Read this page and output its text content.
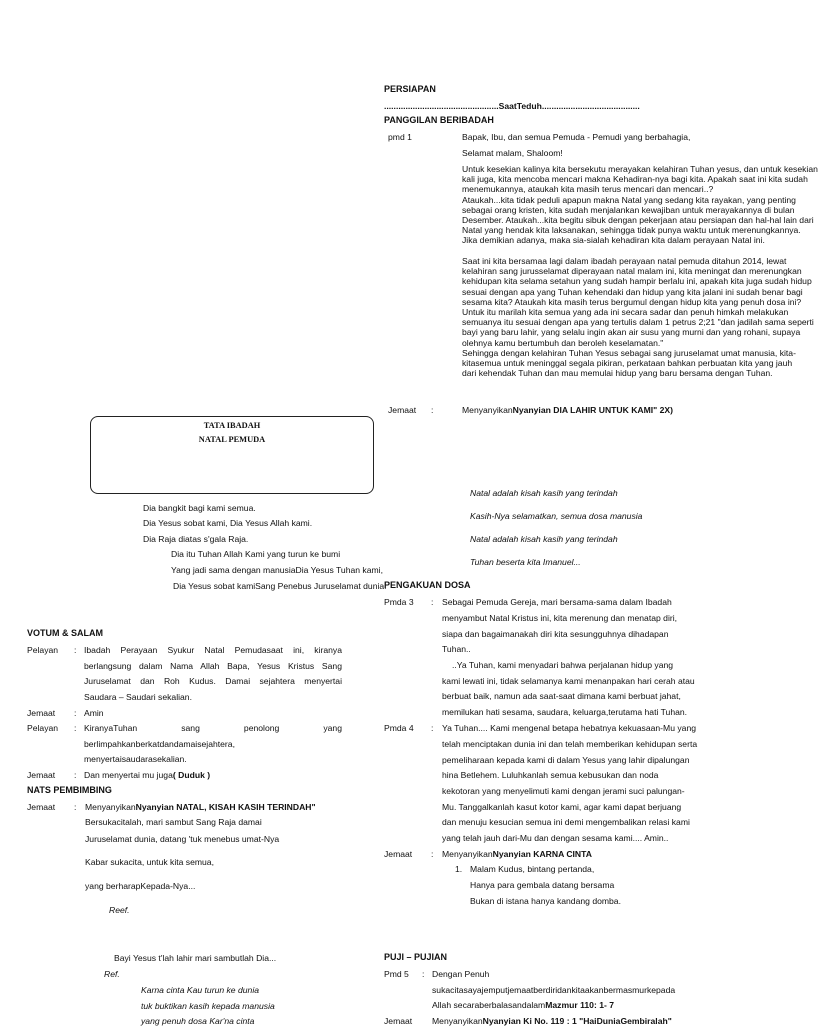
PERSIAPAN
................................................SaatTeduh.........................................
PANGGILAN BERIBADAH
pmd 1	Bapak, Ibu, dan semua Pemuda - Pemudi yang berbahagia,
Selamat malam, Shaloom!
Untuk kesekian kalinya kita bersekutu merayakan kelahiran Tuhan yesus, dan untuk kesekian
kali juga, kita mencoba mencari makna Kehadiran-nya bagi kita. Apakah saat ini kita sudah
menemukannya, ataukah kita masih terus mencari dan mencari..?
Ataukah...kita tidak peduli apapun makna Natal yang sedang kita rayakan, yang penting
sebagai orang kristen, kita sudah menjalankan kewajiban untuk merayakannya di bulan
Desember. Ataukah...kita begitu sibuk dengan pekerjaan atau persiapan dan hal-hal lain dari
Natal yang hendak kita laksanakan, sehingga tidak punya waktu untuk merenungkannya.
Jika demikian adanya, maka sia-sialah kehadiran kita dalam perayaan Natal ini.
Saat ini kita bersamaa lagi dalam ibadah perayaan natal pemuda ditahun 2014, lewat
kelahiran sang jurusselamat diperayaan natal malam ini, kita meningat dan merenungkan
kehidupan kita selama setahun yang sudah hampir berlalu ini, apakah kita juga sudah hidup
sesuai dengan apa yang Tuhan kehendaki dan hidup yang kita jalani ini sudah benar bagi
sesama kita? Ataukah kita masih terus bergumul dengan hidup kita yang penuh dosa ini?
Untuk itu marilah kita semua yang ada ini secara sadar dan penuh himkah melakukan
semuanya itu sesuai dengan apa yang tertulis dalam 1 petrus 2;21 "dan jadilah sama seperti
bayi yang baru lahir, yang selalu ingin akan air susu yang murni dan yang rohani, supaya
olehnya kamu bertumbuh dan beroleh keselamatan."
Sehingga dengan kelahiran Tuhan Yesus sebagai sang juruselamat umat manusia, kita-
kitasemua untuk meninggal segala pikiran, perkataan bahkan perbuatan kita yang jauh
dari kehendak Tuhan dan mau memulai hidup yang baru bersama dengan Tuhan.
Jemaat :	MenyanyikanNyanyian DIA LAHIR UNTUK KAMI" 2X)
Natal adalah kisah kasih yang terindah
Kasih-Nya selamatkan, semua dosa manusia
Natal adalah kisah kasih yang terindah
Tuhan beserta kita Imanuel...
TATA IBADAH
NATAL PEMUDA
Dia bangkit bagi kami semua.
Dia Yesus sobat kami, Dia Yesus Allah kami.
Dia Raja diatas s'gala Raja.
Dia itu Tuhan Allah Kami yang turun ke bumi
Yang jadi sama dengan manusiaDia Yesus Tuhan kami,
Dia Yesus sobat kamiSang Penebus Juruselamat dunia.
VOTUM & SALAM
Pelayan : Ibadah Perayaan Syukur Natal Pemudasaat ini, kiranya
berlangsung dalam Nama Allah Bapa, Yesus Kristus Sang
Juruselamat dan Roh Kudus. Damai sejahtera menyertai
Saudara – Saudari sekalian.
Jemaat : Amin
Pelayan : KiranyaTuhan	sang	penolong	yang
berlimpahkanberkatdandamaisejahtera,
menyertaisaudarasekalian.
Jemaat : Dan menyertai mu juga( Duduk )
NATS PEMBIMBING
Jemaat : MenyanyikanNyanyian NATAL, KISAH KASIH TERINDAH"
Bersukacitalah, mari sambut Sang Raja damai
Juruselamat dunia, datang 'tuk menebus umat-Nya
Kabar sukacita, untuk kita semua,
yang berharapKepada-Nya...
Reef.
Bayi Yesus t'lah lahir mari sambutlah Dia...
Ref.
Karna cinta Kau turun ke dunia
tuk buktikan kasih kepada manusia
yang penuh dosa Kar'na cinta
PENGAKUAN DOSA
Pmda 3 : Sebagai Pemuda Gereja, mari bersama-sama dalam Ibadah
menyambut Natal Kristus ini, kita merenung dan menatap diri,
siapa dan bagaimanakah diri kita sesungguhnya dihadapan
Tuhan..
..Ya Tuhan, kami menyadari bahwa perjalanan hidup yang
kami lewati ini, tidak selamanya kami menanpakan hari cerah atau
berbuat baik, namun ada saat-saat dimana kami berbuat jahat,
memilukan hati sesama, saudara, keluarga,terutama hati Tuhan.
Pmda 4 : Ya Tuhan.... Kami mengenal betapa hebatnya kekuasaan-Mu yang
telah menciptakan dunia ini dan telah memberikan kehidupan serta
pemeliharaan kepada kami di dalam Yesus yang lahir dipalungan
hina Betlehem. Luluhkanlah semua kebusukan dan noda
kekotoran yang menyelimuti kami dengan jerami suci palungan-
Mu. Tanggalkanlah kasut kotor kami, agar kami dapat berjuang
dan menuju kesucian semua ini demi mengembalikan relasi kami
yang telah jauh dari-Mu dan dengan sesama kami.... Amin..
Jemaat : MenyanyikanNyanyian KARNA CINTA
1. Malam Kudus, bintang pertanda,
Hanya para gembala datang bersama
Bukan di istana hanya kandang domba.
PUJI – PUJIAN
Pmd 5 : Dengan Penuh
sukacitasayajemputjemaatberdiridankitaakanbermasmurkepada
Allah secaraberbalasandalamMazmur 110: 1- 7
Jemaat MenyanyikanNyanyian Ki No. 119 : 1 "HaiDuniaGembiralah"
